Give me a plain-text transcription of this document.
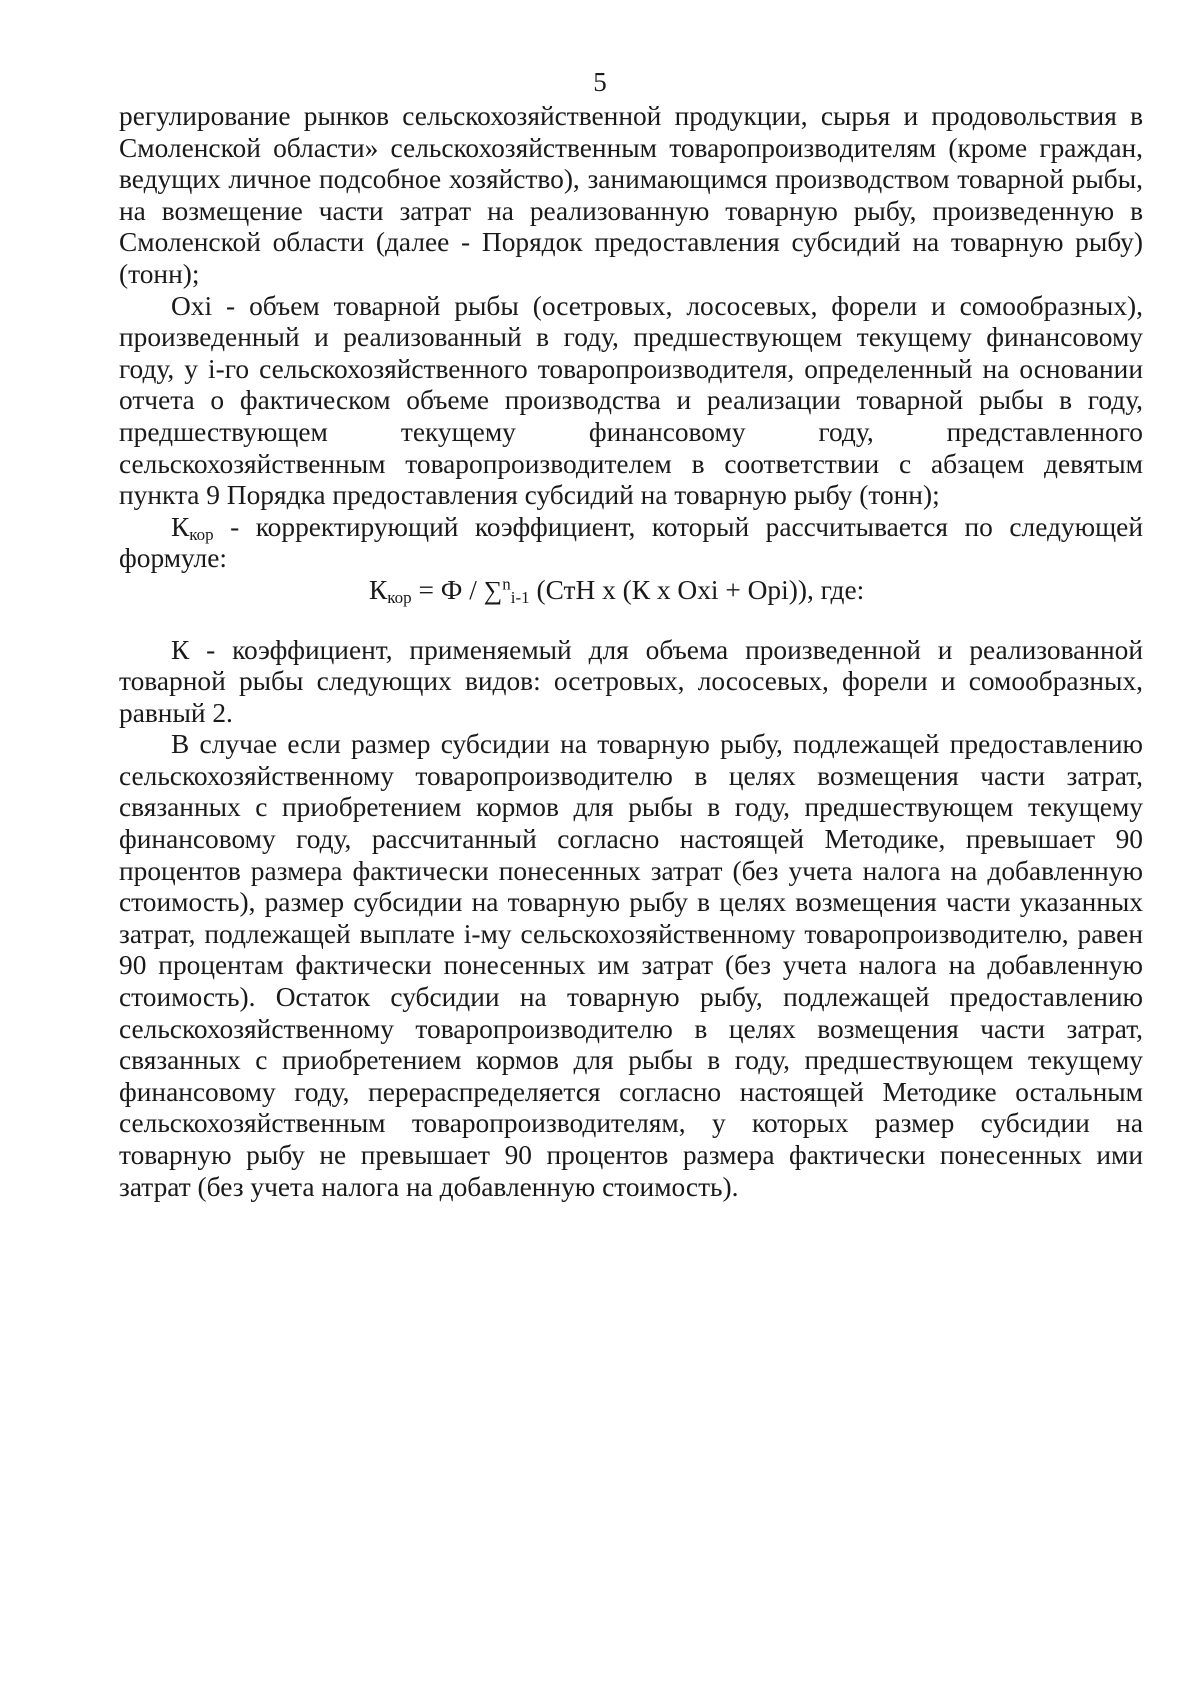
5

регулирование рынков сельскохозяйственной продукции, сырья и продовольствия в Смоленской области» сельскохозяйственным товаропроизводителям (кроме граждан, ведущих личное подсобное хозяйство), занимающимся производством товарной рыбы, на возмещение части затрат на реализованную товарную рыбу, произведенную в Смоленской области (далее - Порядок предоставления субсидий на товарную рыбу) (тонн);

Охi - объем товарной рыбы (осетровых, лососевых, форели и сомообразных), произведенный и реализованный в году, предшествующем текущему финансовому году, у i-го сельскохозяйственного товаропроизводителя, определенный на основании отчета о фактическом объеме производства и реализации товарной рыбы в году, предшествующем текущему финансовому году, представленного сельскохозяйственным товаропроизводителем в соответствии с абзацем девятым пункта 9 Порядка предоставления субсидий на товарную рыбу (тонн);

$К_{кор}$ - корректирующий коэффициент, который рассчитывается по следующей формуле:

$К_{кор} = Ф / \sum^n_{i-1}$ (СтН х (К х Охi + Орi)), где:

К - коэффициент, применяемый для объема произведенной и реализованной товарной рыбы следующих видов: осетровых, лососевых, форели и сомообразных, равный 2.

В случае если размер субсидии на товарную рыбу, подлежащей предоставлению сельскохозяйственному товаропроизводителю в целях возмещения части затрат, связанных с приобретением кормов для рыбы в году, предшествующем текущему финансовому году, рассчитанный согласно настоящей Методике, превышает 90 процентов размера фактически понесенных затрат (без учета налога на добавленную стоимость), размер субсидии на товарную рыбу в целях возмещения части указанных затрат, подлежащей выплате i-му сельскохозяйственному товаропроизводителю, равен 90 процентам фактически понесенных им затрат (без учета налога на добавленную стоимость). Остаток субсидии на товарную рыбу, подлежащей предоставлению сельскохозяйственному товаропроизводителю в целях возмещения части затрат, связанных с приобретением кормов для рыбы в году, предшествующем текущему финансовому году, перераспределяется согласно настоящей Методике остальным сельскохозяйственным товаропроизводителям, у которых размер субсидии на товарную рыбу не превышает 90 процентов размера фактически понесенных ими затрат (без учета налога на добавленную стоимость).
